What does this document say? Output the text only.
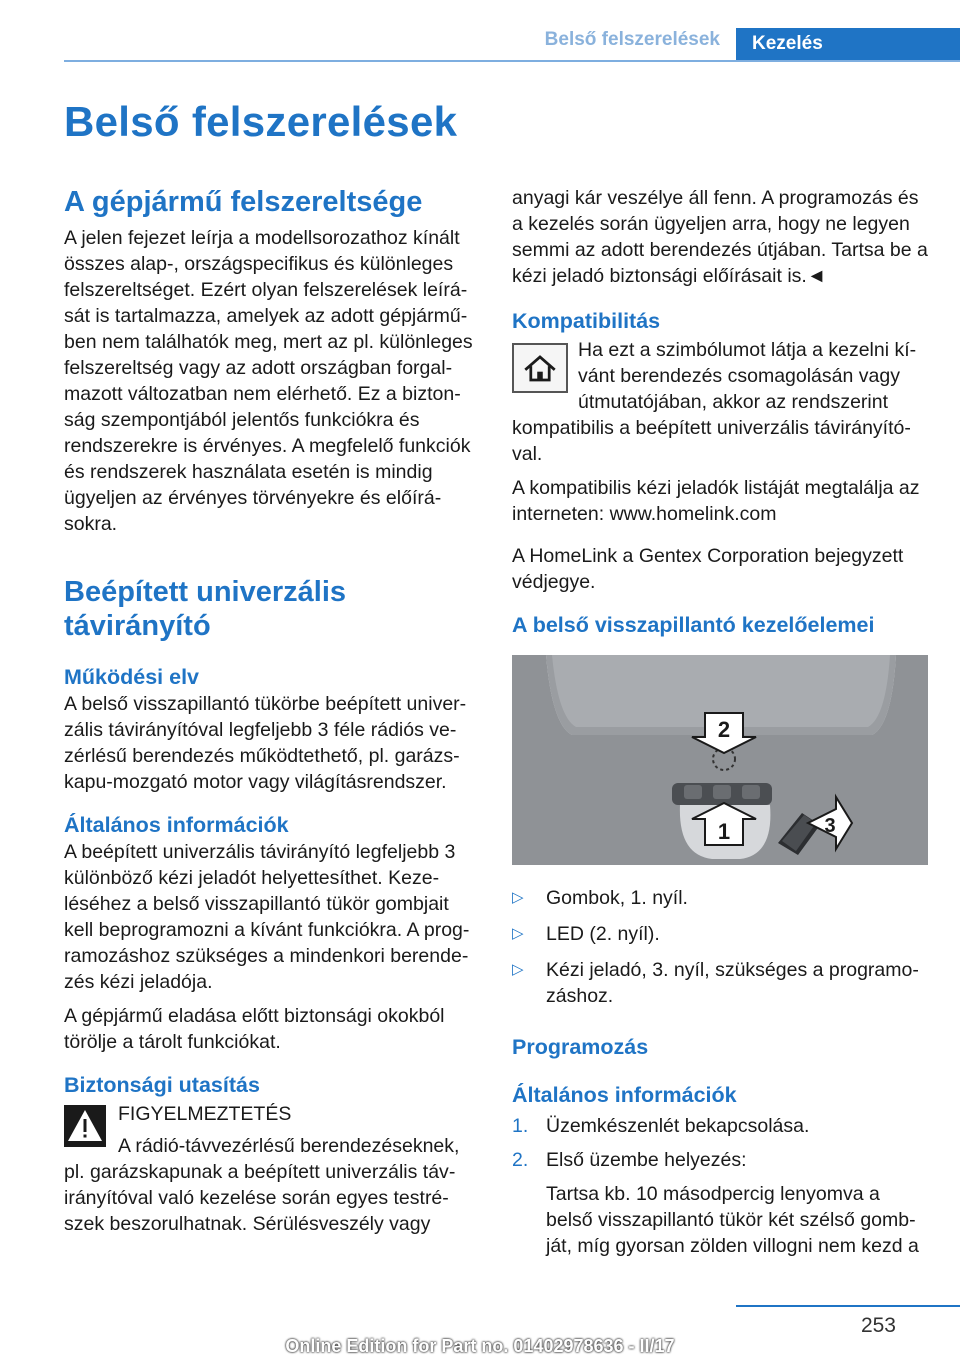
Belső felszerelések	Kezelés
Belső felszerelések
A gépjármű felszereltsége

A jelen fejezet leírja a modellsorozathoz kínált összes alap-, országspecifikus és különleges felszereltséget. Ezért olyan felszerelések leírását is tartalmazza, amelyek az adott gépjárműben nem találhatók meg, mert az pl. különleges felszereltség vagy az adott országban forgalmazott változatban nem elérhető. Ez a biztonság szempontjából jelentős funkciókra és rendszerekre is érvényes. A megfelelő funkciók és rendszerek használata esetén is mindig ügyeljen az érvényes törvényekre és előírásokra.

Beépített univerzális távirányító
Működési elv

A belső visszapillantó tükörbe beépített univerzális távirányítóval legfeljebb 3 féle rádiós vezérlésű berendezés működtethető, pl. garázskapu-mozgató motor vagy világításrendszer.

Általános információk

A beépített univerzális távirányító legfeljebb 3 különböző kézi jeladót helyettesíthet. Kezeléséhez a belső visszapillantó tükör gombjait kell beprogramozni a kívánt funkciókra. A programozáshoz szükséges a mindenkori berendezés kézi jeladója.

A gépjármű eladása előtt biztonsági okokból törölje a tárolt funkciókat.

Biztonsági utasítás

FIGYELMEZTETÉS

A rádió-távvezérlésű berendezéseknek, pl. garázskapunak a beépített univerzális távirányítóval való kezelése során egyes testrészek beszorulhatnak. Sérülésveszély vagy

anyagi kár veszélye áll fenn. A programozás és a kezelés során ügyeljen arra, hogy ne legyen semmi az adott berendezés útjában. Tartsa be a kézi jeladó biztonsági előírásait is.◄

Kompatibilitás

Ha ezt a szimbólumot látja a kezelni kívánt berendezés csomagolásán vagy útmutatójában, akkor az rendszerint kompatibilis a beépített univerzális távirányítóval.

A kompatibilis kézi jeladók listáját megtalálja az interneten: www.homelink.com

A HomeLink a Gentex Corporation bejegyzett védjegye.

A belső visszapillantó kezelőelemei
2
1	3
▷	Gombok, 1. nyíl.
▷	LED (2. nyíl).
▷	Kézi jeladó, 3. nyíl, szükséges a programozáshoz.
Programozás
Általános információk
1. Üzemkészenlét bekapcsolása.
2. Első üzembe helyezés:

Tartsa kb. 10 másodpercig lenyomva a belső visszapillantó tükör két szélső gombját, míg gyorsan zölden villogni nem kezd a

253
Online Edition for Part no. 01402978636 - II/17
